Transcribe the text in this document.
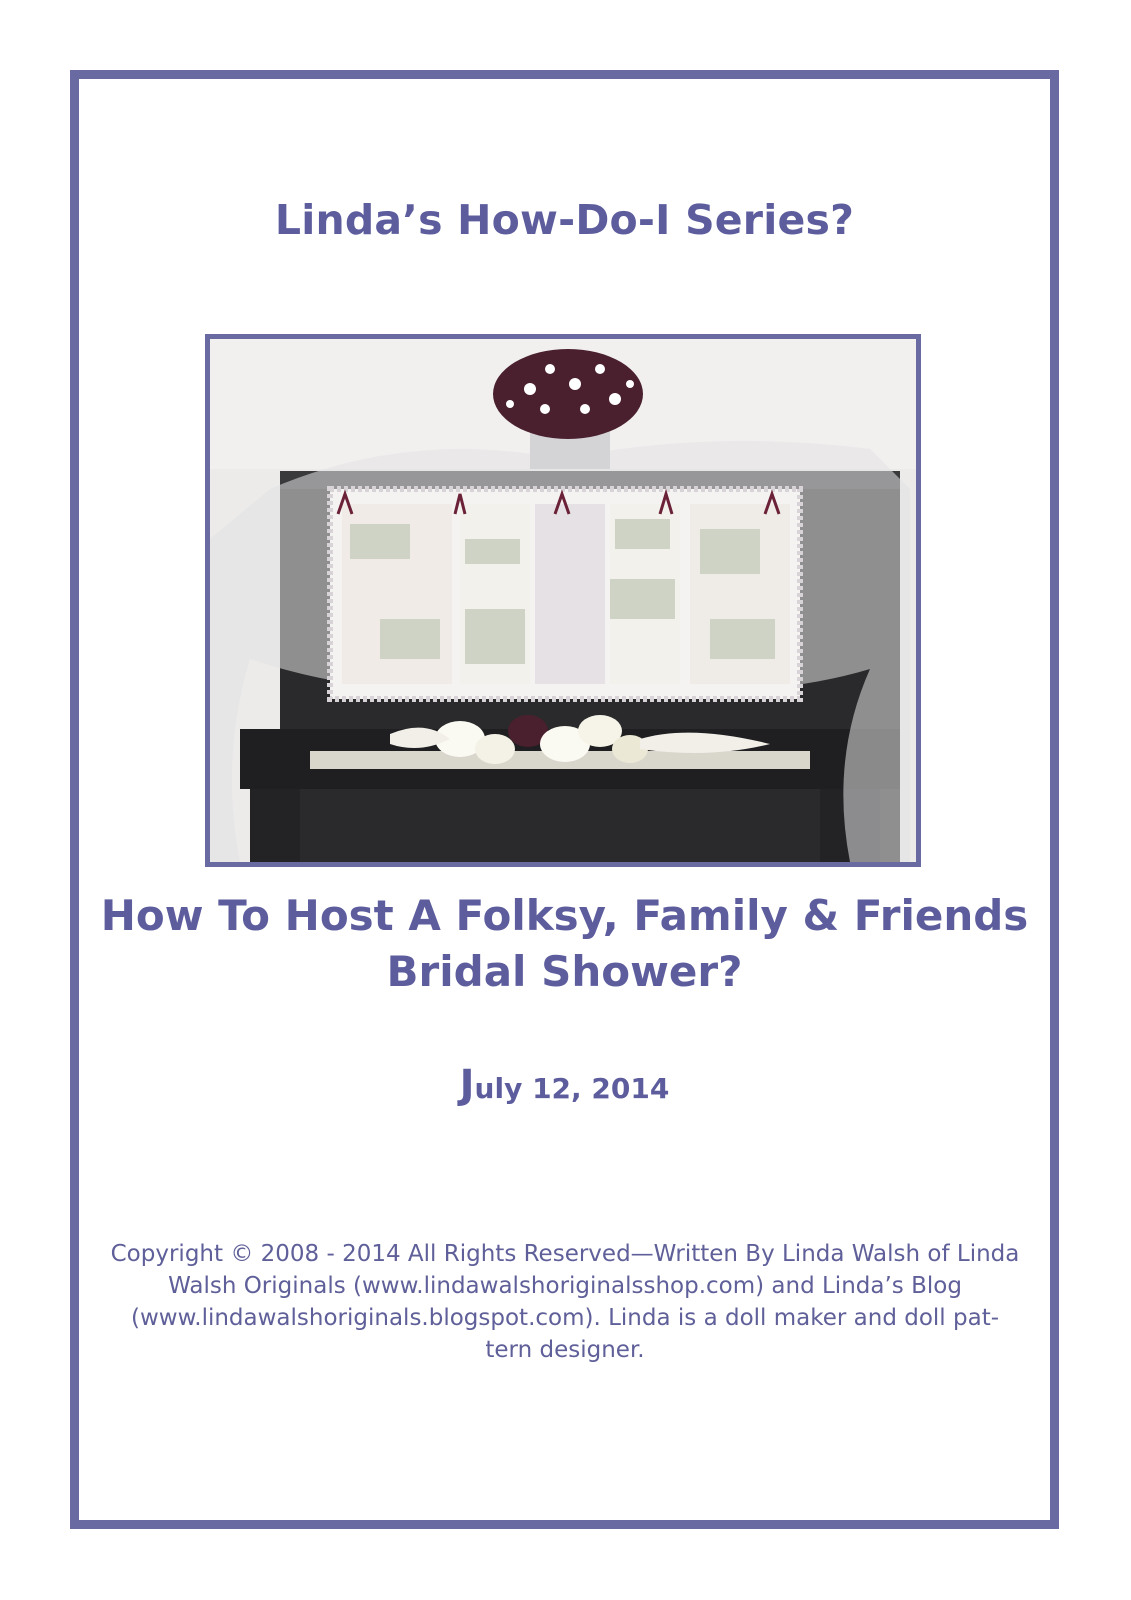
Linda’s How-Do-I Series?
How To Host A Folksy, Family & Friends
Bridal Shower?

July 12, 2014

Copyright © 2008 - 2014 All Rights Reserved—Written By Linda Walsh of Linda
Walsh Originals (www.lindawalshoriginalsshop.com) and Linda’s Blog
(www.lindawalshoriginals.blogspot.com). Linda is a doll maker and doll pat-
tern designer.
